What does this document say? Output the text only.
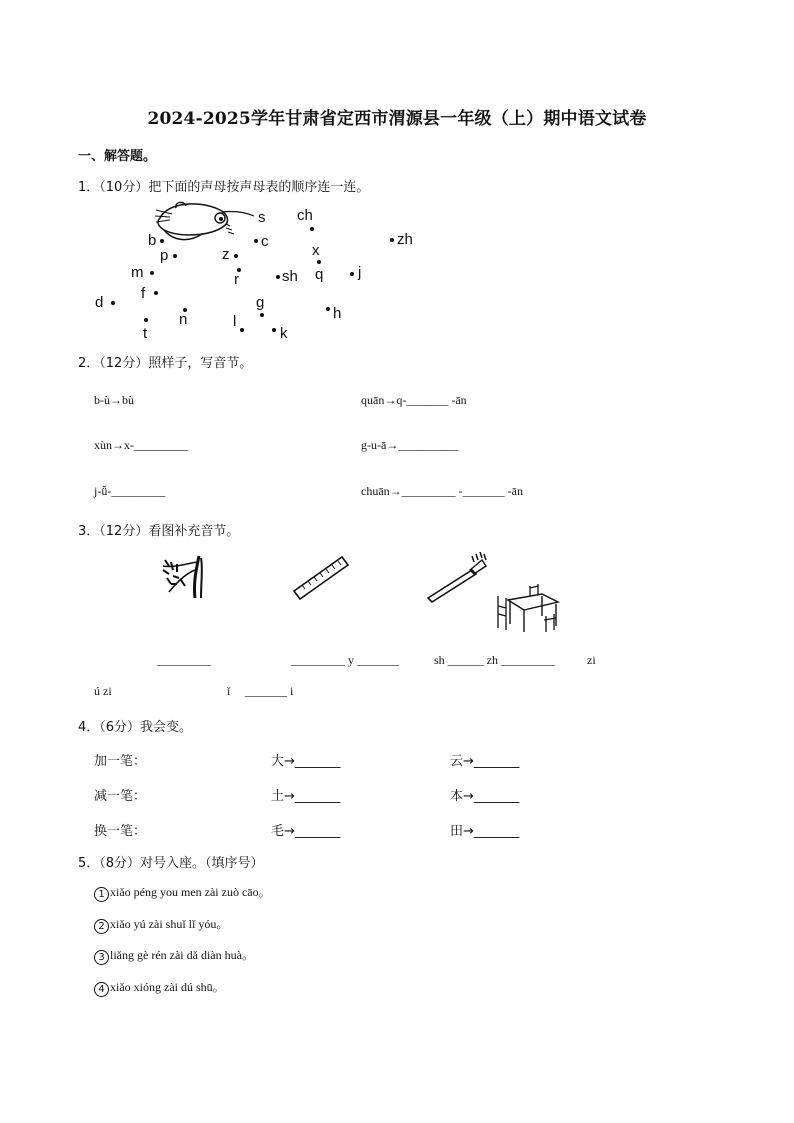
2024-2025学年甘肃省定西市渭源县一年级（上）期中语文试卷
一、解答题。
1．（10分）把下面的声母按声母表的顺序连一连。
s ch
b	c	zh
z	x
p
m	r	sh q j
f
g
d
n	h
l
t	k
2．（12分）照样子，写音节。
b-ù→bù	quān→q-_______ -ān
xùn→x-_________	g-u-ā→__________
j-ǚ-_________	chuān→_________ -_______ -ān
3．（12分）看图补充音节。
_________	_________ y _______	sh ______ zh _________	zi
ú zi	ǐ _______ i
4．（6分）我会变。
加一笔：	大→_______	云→_______
减一笔：	土→_______	本→_______
换一笔：	毛→_______	田→_______
5．（8分）对号入座。（填序号）
1 xiǎo péng you men zài zuò cāo。
2 xiǎo yú zài shuǐ lǐ yóu。
3 liǎng gè rén zài dǎ diàn huà。
4 xiǎo xióng zài dú shū。
